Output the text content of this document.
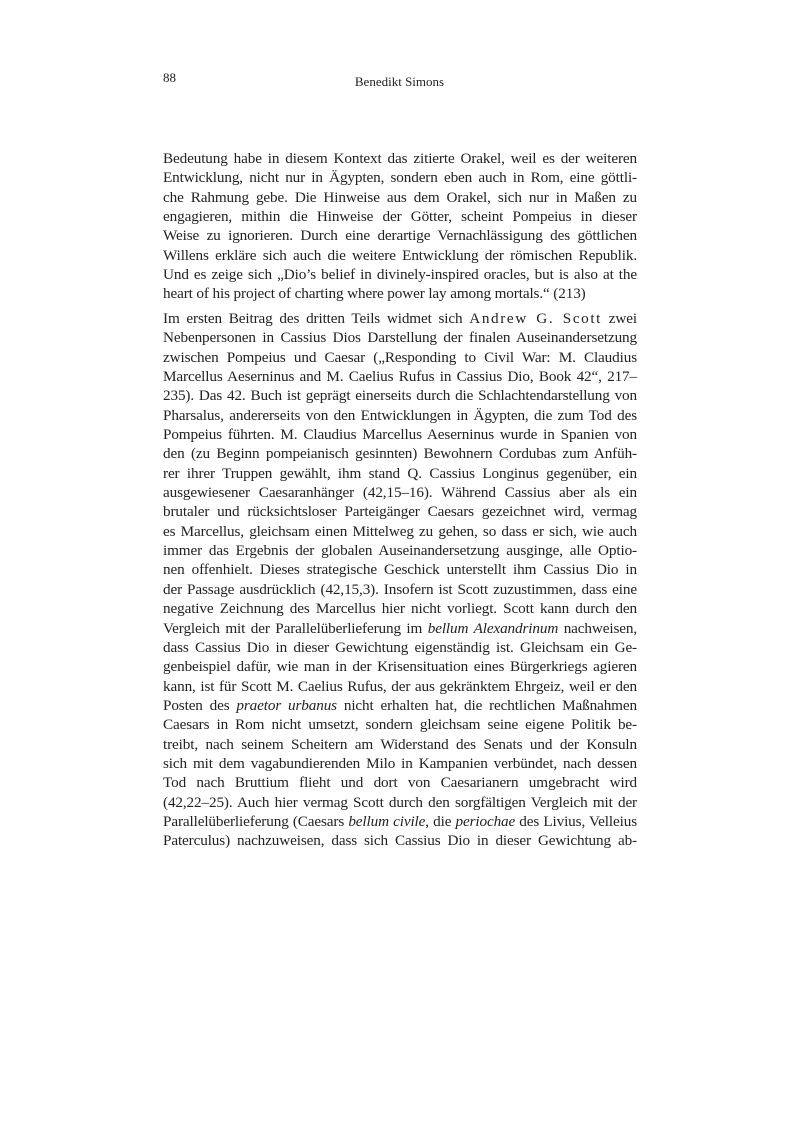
88	Benedikt Simons
Bedeutung habe in diesem Kontext das zitierte Orakel, weil es der weiteren
Entwicklung, nicht nur in Ägypten, sondern eben auch in Rom, eine göttli-
che Rahmung gebe. Die Hinweise aus dem Orakel, sich nur in Maßen zu
engagieren, mithin die Hinweise der Götter, scheint Pompeius in dieser
Weise zu ignorieren. Durch eine derartige Vernachlässigung des göttlichen
Willens erkläre sich auch die weitere Entwicklung der römischen Republik.
Und es zeige sich „Dio’s belief in divinely-inspired oracles, but is also at the
heart of his project of charting where power lay among mortals.“ (213)
Im ersten Beitrag des dritten Teils widmet sich Andrew G. Scott zwei
Nebenpersonen in Cassius Dios Darstellung der finalen Auseinandersetzung
zwischen Pompeius und Caesar („Responding to Civil War: M. Claudius
Marcellus Aeserninus and M. Caelius Rufus in Cassius Dio, Book 42“, 217–
235). Das 42. Buch ist geprägt einerseits durch die Schlachtendarstellung von
Pharsalus, andererseits von den Entwicklungen in Ägypten, die zum Tod des
Pompeius führten. M. Claudius Marcellus Aeserninus wurde in Spanien von
den (zu Beginn pompeianisch gesinnten) Bewohnern Cordubas zum Anfüh-
rer ihrer Truppen gewählt, ihm stand Q. Cassius Longinus gegenüber, ein
ausgewiesener Caesaranhänger (42,15–16). Während Cassius aber als ein
brutaler und rücksichtsloser Parteigänger Caesars gezeichnet wird, vermag
es Marcellus, gleichsam einen Mittelweg zu gehen, so dass er sich, wie auch
immer das Ergebnis der globalen Auseinandersetzung ausginge, alle Optio-
nen offenhielt. Dieses strategische Geschick unterstellt ihm Cassius Dio in
der Passage ausdrücklich (42,15,3). Insofern ist Scott zuzustimmen, dass eine
negative Zeichnung des Marcellus hier nicht vorliegt. Scott kann durch den
Vergleich mit der Parallelüberlieferung im bellum Alexandrinum nachweisen,
dass Cassius Dio in dieser Gewichtung eigenständig ist. Gleichsam ein Ge-
genbeispiel dafür, wie man in der Krisensituation eines Bürgerkriegs agieren
kann, ist für Scott M. Caelius Rufus, der aus gekränktem Ehrgeiz, weil er den
Posten des praetor urbanus nicht erhalten hat, die rechtlichen Maßnahmen
Caesars in Rom nicht umsetzt, sondern gleichsam seine eigene Politik be-
treibt, nach seinem Scheitern am Widerstand des Senats und der Konsuln
sich mit dem vagabundierenden Milo in Kampanien verbündet, nach dessen
Tod nach Bruttium flieht und dort von Caesarianern umgebracht wird
(42,22–25). Auch hier vermag Scott durch den sorgfältigen Vergleich mit der
Parallelüberlieferung (Caesars bellum civile, die periochae des Livius, Velleius
Paterculus) nachzuweisen, dass sich Cassius Dio in dieser Gewichtung ab-
